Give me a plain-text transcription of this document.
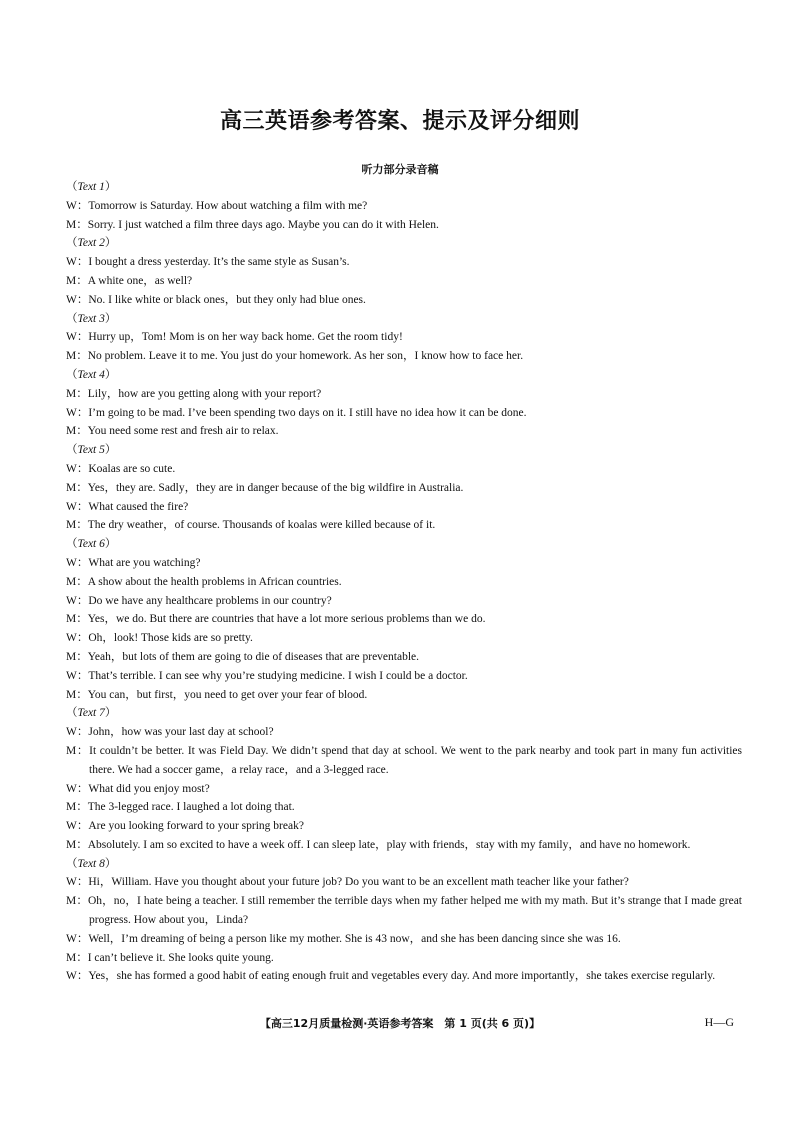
高三英语参考答案、提示及评分细则
听力部分录音稿
（Text 1）
W：Tomorrow is Saturday. How about watching a film with me?
M：Sorry. I just watched a film three days ago. Maybe you can do it with Helen.
（Text 2）
W：I bought a dress yesterday. It’s the same style as Susan’s.
M：A white one，as well?
W：No. I like white or black ones，but they only had blue ones.
（Text 3）
W：Hurry up，Tom! Mom is on her way back home. Get the room tidy!
M：No problem. Leave it to me. You just do your homework. As her son，I know how to face her.
（Text 4）
M：Lily，how are you getting along with your report?
W：I’m going to be mad. I’ve been spending two days on it. I still have no idea how it can be done.
M：You need some rest and fresh air to relax.
（Text 5）
W：Koalas are so cute.
M：Yes，they are. Sadly，they are in danger because of the big wildfire in Australia.
W：What caused the fire?
M：The dry weather，of course. Thousands of koalas were killed because of it.
（Text 6）
W：What are you watching?
M：A show about the health problems in African countries.
W：Do we have any healthcare problems in our country?
M：Yes，we do. But there are countries that have a lot more serious problems than we do.
W：Oh，look! Those kids are so pretty.
M：Yeah，but lots of them are going to die of diseases that are preventable.
W：That’s terrible. I can see why you’re studying medicine. I wish I could be a doctor.
M：You can，but first，you need to get over your fear of blood.
（Text 7）
W：John，how was your last day at school?
M：It couldn’t be better. It was Field Day. We didn’t spend that day at school. We went to the park nearby and took part in many fun activities there. We had a soccer game，a relay race，and a 3-legged race.
W：What did you enjoy most?
M：The 3-legged race. I laughed a lot doing that.
W：Are you looking forward to your spring break?
M：Absolutely. I am so excited to have a week off. I can sleep late，play with friends，stay with my family，and have no homework.
（Text 8）
W：Hi，William. Have you thought about your future job? Do you want to be an excellent math teacher like your father?
M：Oh，no，I hate being a teacher. I still remember the terrible days when my father helped me with my math. But it’s strange that I made great progress. How about you，Linda?
W：Well，I’m dreaming of being a person like my mother. She is 43 now，and she has been dancing since she was 16.
M：I can’t believe it. She looks quite young.
W：Yes，she has formed a good habit of eating enough fruit and vegetables every day. And more importantly，she takes exercise regularly.
【高三12月质量检测·英语参考答案　第 1 页(共 6 页)】	H—G
